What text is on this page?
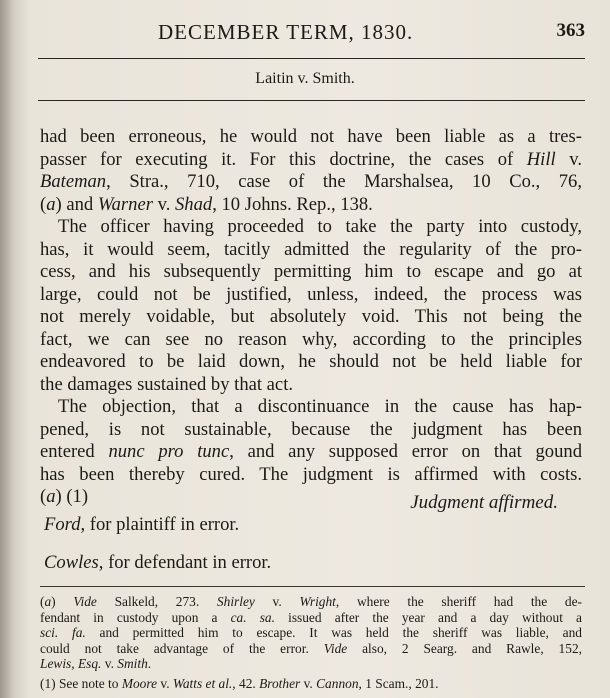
DECEMBER TERM, 1830.	363
Laitin v. Smith.

had been erroneous, he would not have been liable as a tres-
passer for executing it. For this doctrine, the cases of Hill v.
Bateman, Stra., 710, case of the Marshalsea, 10 Co., 76,
(a) and Warner v. Shad, 10 Johns. Rep., 138.

The officer having proceeded to take the party into custody,
has, it would seem, tacitly admitted the regularity of the pro-
cess, and his subsequently permitting him to escape and go at
large, could not be justified, unless, indeed, the process was
not merely voidable, but absolutely void. This not being the
fact, we can see no reason why, according to the principles
endeavored to be laid down, he should not be held liable for
the damages sustained by that act.

The objection, that a discontinuance in the cause has hap-
pened, is not sustainable, because the judgment has been
entered nunc pro tunc, and any supposed error on that gound
has been thereby cured. The judgment is affirmed with costs.
(a) (1)	Judgment affirmed.
Ford, for plaintiff in error.
Cowles, for defendant in error.
(a) Vide Salkeld, 273. Shirley v. Wright, where the sheriff had the de-
fendant in custody upon a ca. sa. issued after the year and a day without a
sci. fa. and permitted him to escape. It was held the sheriff was liable, and
could not take advantage of the error. Vide also, 2 Searg. and Rawle, 152,
Lewis, Esq. v. Smith.
(1) See note to Moore v. Watts et al., 42. Brother v. Cannon, 1 Scam., 201.
